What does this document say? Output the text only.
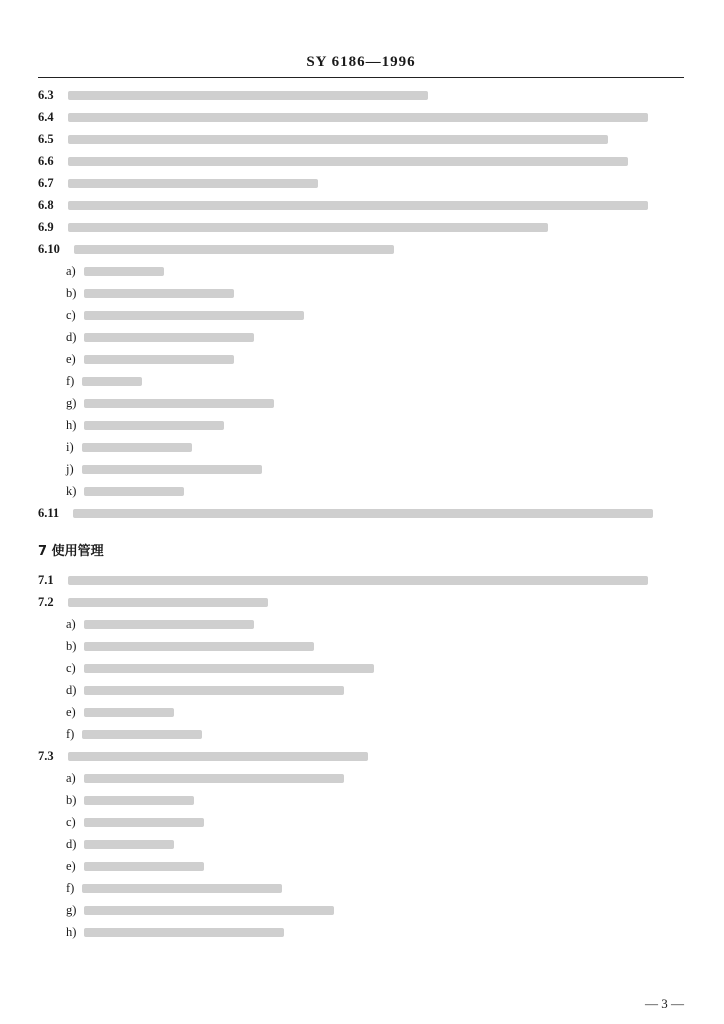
SY 6186—1996

6.3

6.4

6.5

6.6

6.7

6.8

6.9

6.10

a)
b)
c)
d)
e)
f)
g)
h)
i)
j)
k)

6.11

7 使用管理

7.1

7.2

a)
b)
c)
d)
e)
f)

7.3

a)
b)
c)
d)
e)
f)
g)
h)
— 3 —
